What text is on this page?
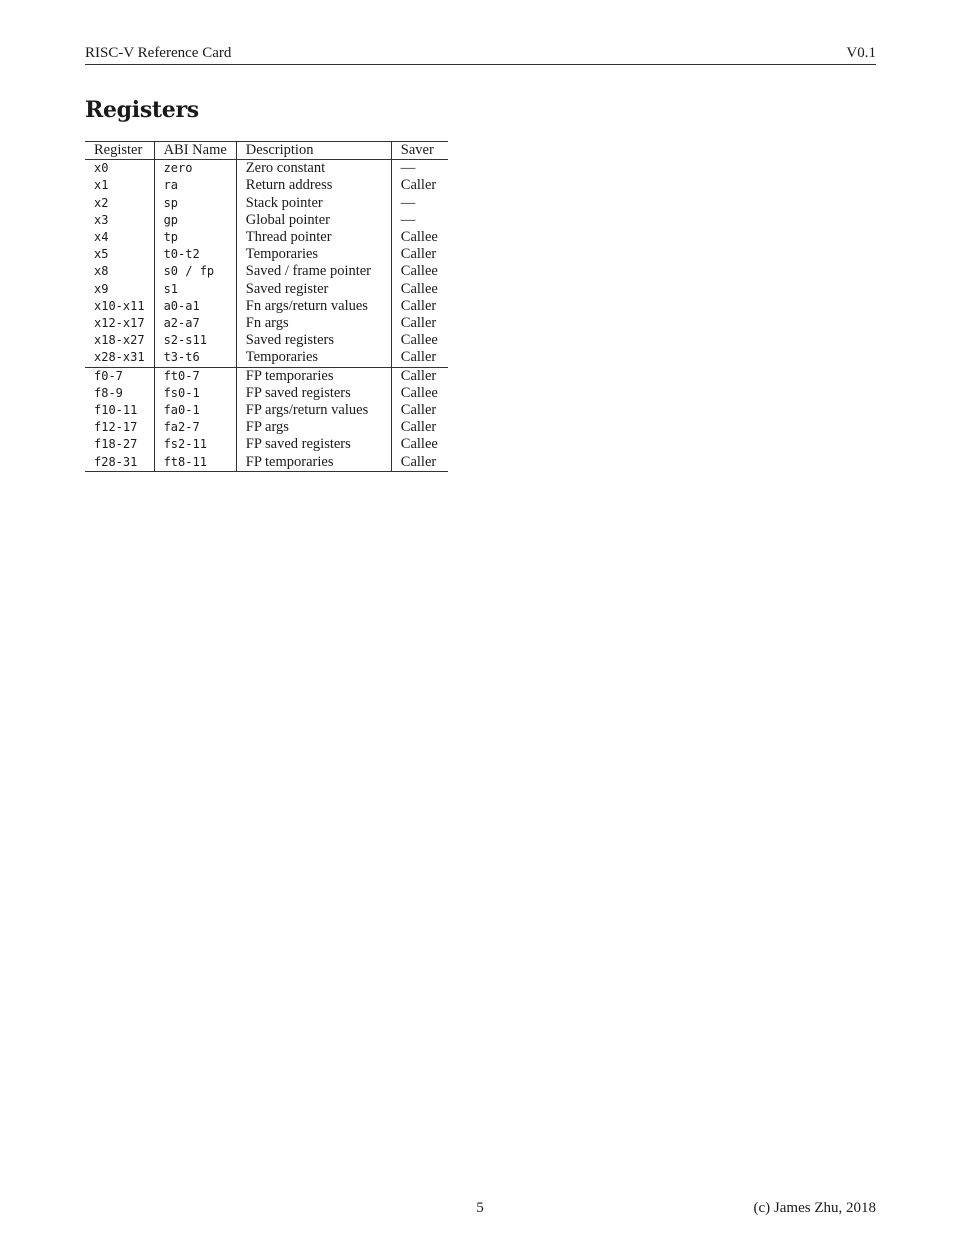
RISC-V Reference Card	V0.1
Registers
Register	ABI Name	Description	Saver
x0	zero	Zero constant	—
x1	ra	Return address	Caller
x2	sp	Stack pointer	—
x3	gp	Global pointer	—
x4	tp	Thread pointer	Callee
x5	t0-t2	Temporaries	Caller
x8	s0 / fp	Saved / frame pointer	Callee
x9	s1	Saved register	Callee
x10-x11	a0-a1	Fn args/return values	Caller
x12-x17	a2-a7	Fn args	Caller
x18-x27	s2-s11	Saved registers	Callee
x28-x31	t3-t6	Temporaries	Caller
f0-7	ft0-7	FP temporaries	Caller
f8-9	fs0-1	FP saved registers	Callee
f10-11	fa0-1	FP args/return values	Caller
f12-17	fa2-7	FP args	Caller
f18-27	fs2-11	FP saved registers	Callee
f28-31	ft8-11	FP temporaries	Caller
5	(c) James Zhu, 2018
